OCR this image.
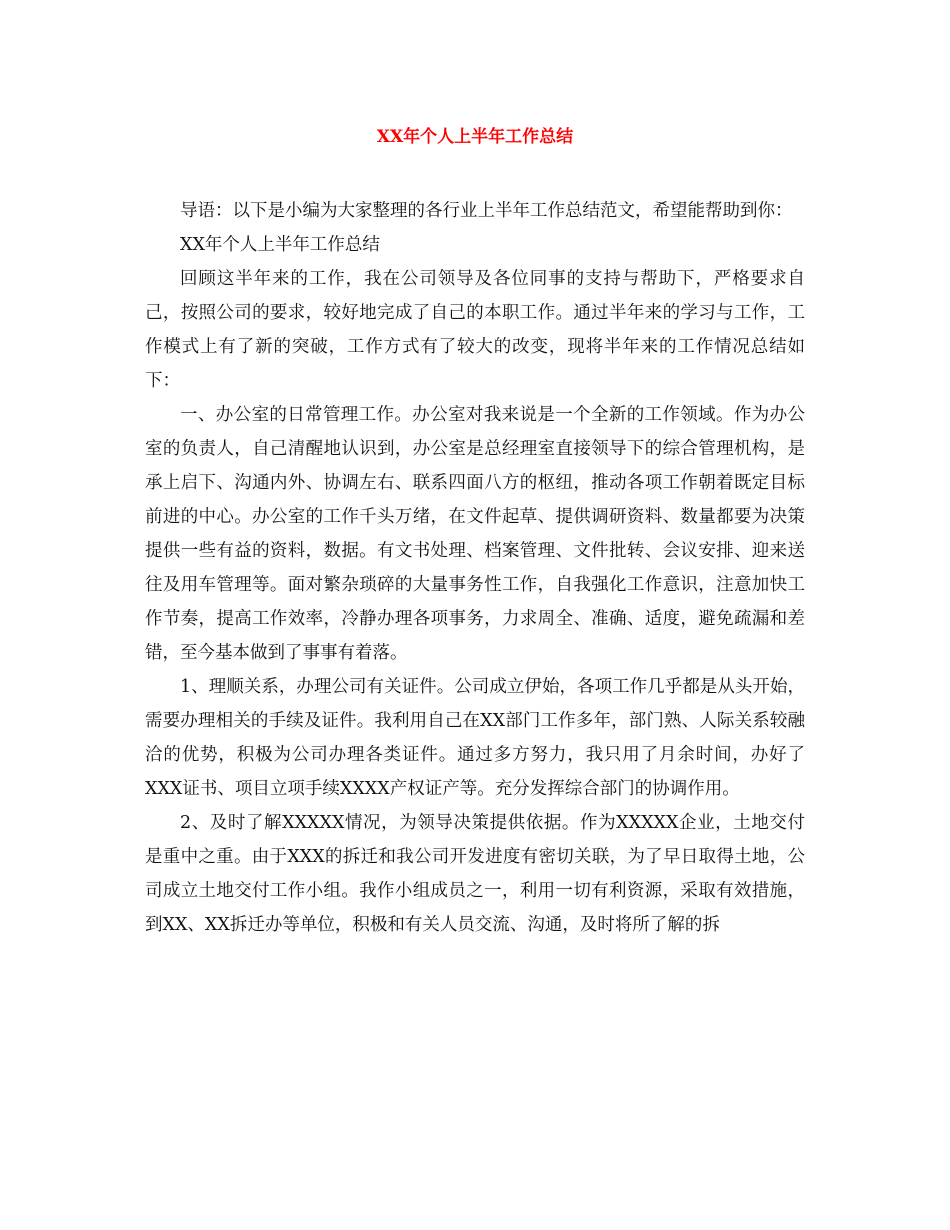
XX年个人上半年工作总结

导语：以下是小编为大家整理的各行业上半年工作总结范文，希望能帮助到你：

XX年个人上半年工作总结

回顾这半年来的工作，我在公司领导及各位同事的支持与帮助下，严格要求自己，按照公司的要求，较好地完成了自己的本职工作。通过半年来的学习与工作，工作模式上有了新的突破，工作方式有了较大的改变，现将半年来的工作情况总结如下：

一、办公室的日常管理工作。办公室对我来说是一个全新的工作领域。作为办公室的负责人，自己清醒地认识到，办公室是总经理室直接领导下的综合管理机构，是承上启下、沟通内外、协调左右、联系四面八方的枢纽，推动各项工作朝着既定目标前进的中心。办公室的工作千头万绪，在文件起草、提供调研资料、数量都要为决策提供一些有益的资料，数据。有文书处理、档案管理、文件批转、会议安排、迎来送往及用车管理等。面对繁杂琐碎的大量事务性工作，自我强化工作意识，注意加快工作节奏，提高工作效率，冷静办理各项事务，力求周全、准确、适度，避免疏漏和差错，至今基本做到了事事有着落。

1、理顺关系，办理公司有关证件。公司成立伊始，各项工作几乎都是从头开始，需要办理相关的手续及证件。我利用自己在XX部门工作多年，部门熟、人际关系较融洽的优势，积极为公司办理各类证件。通过多方努力，我只用了月余时间，办好了XXX证书、项目立项手续XXXX产权证产等。充分发挥综合部门的协调作用。

2、及时了解XXXXX情况，为领导决策提供依据。作为XXXXX企业，土地交付是重中之重。由于XXX的拆迁和我公司开发进度有密切关联，为了早日取得土地，公司成立土地交付工作小组。我作小组成员之一，利用一切有利资源，采取有效措施，到XX、XX拆迁办等单位，积极和有关人员交流、沟通，及时将所了解的拆
